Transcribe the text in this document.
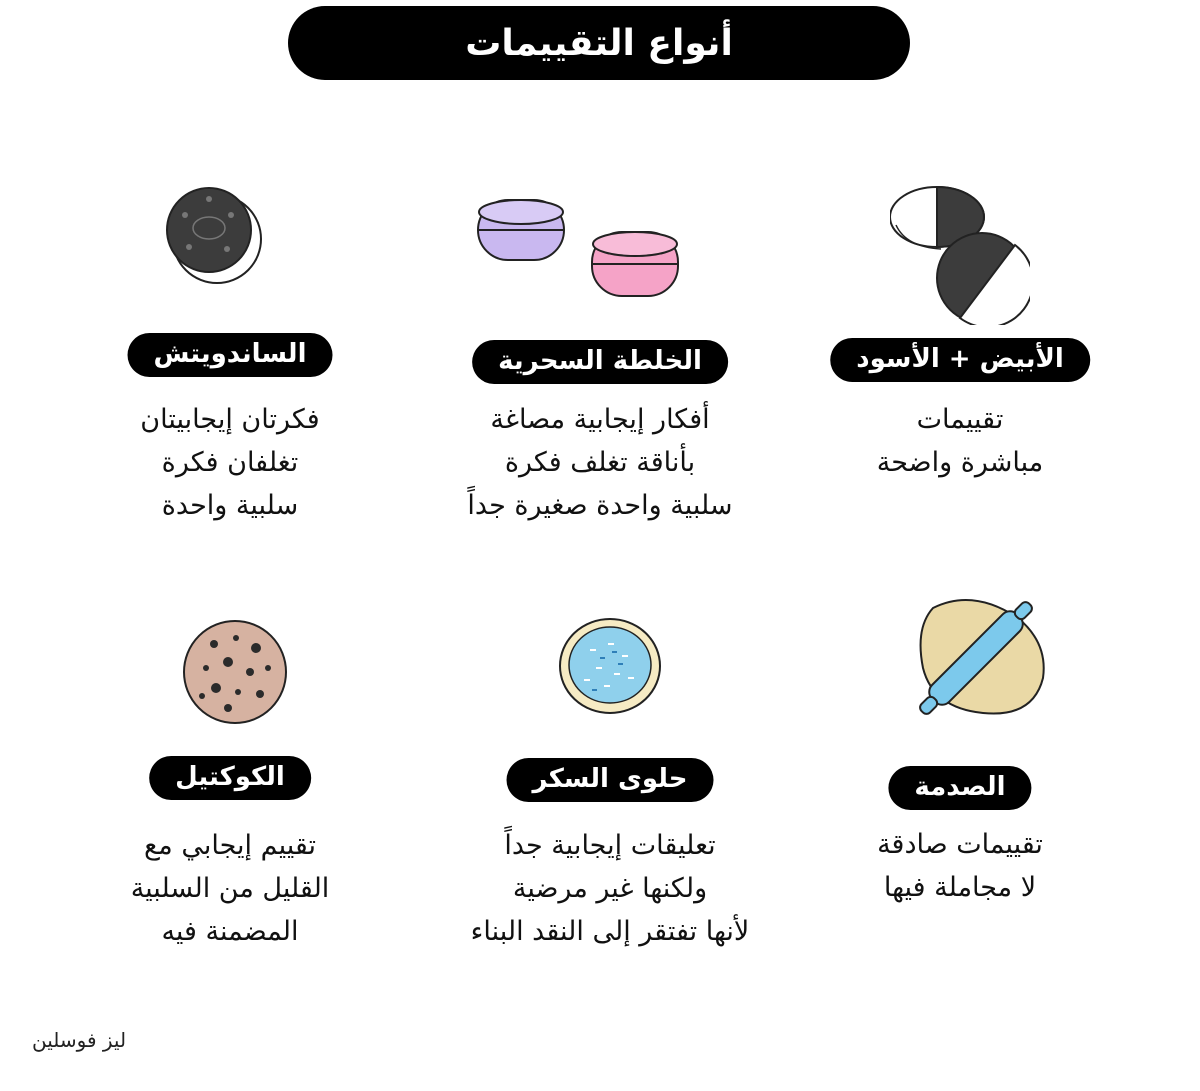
أنواع التقييمات
الأبيض + الأسود
تقييمات
مباشرة واضحة
الخلطة السحرية
أفكار إيجابية مصاغة
بأناقة تغلف فكرة
سلبية واحدة صغيرة جداً
الساندويتش
فكرتان إيجابيتان
تغلفان فكرة
سلبية واحدة
الصدمة
تقييمات صادقة
لا مجاملة فيها
حلوى السكر
تعليقات إيجابية جداً
ولكنها غير مرضية
لأنها تفتقر إلى النقد البناء
الكوكتيل
تقييم إيجابي مع
القليل من السلبية
المضمنة فيه
ليز فوسلين
